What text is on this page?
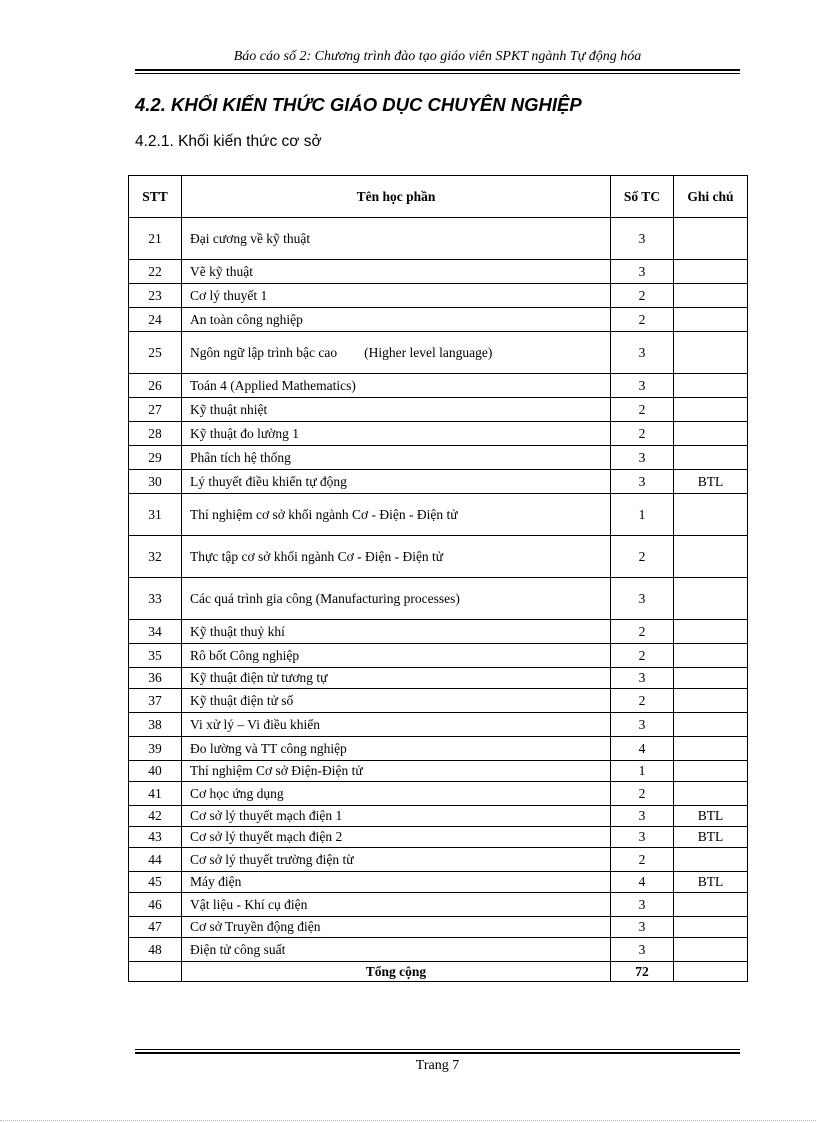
Báo cáo số 2: Chương trình đào tạo giáo viên SPKT ngành Tự động hóa
4.2. KHỐI KIẾN THỨC GIÁO DỤC CHUYÊN NGHIỆP
4.2.1. Khối kiến thức cơ sở
STT	Tên học phần	Số TC	Ghi chú
21	Đại cương về kỹ thuật	3	
22	Vẽ kỹ thuật	3	
23	Cơ lý thuyết 1	2	
24	An toàn công nghiệp	2	
25	Ngôn ngữ lập trình bậc cao        (Higher level language)	3	
26	Toán 4 (Applied Mathematics)	3	
27	Kỹ thuật nhiệt	2	
28	Kỹ thuật đo lường 1	2	
29	Phân tích hệ thống	3	
30	Lý thuyết điều khiển tự động	3	BTL
31	Thí nghiệm cơ sở khối ngành Cơ - Điện - Điện tử	1	
32	Thực tập cơ sở khối ngành Cơ - Điện - Điện tử	2	
33	Các quá trình gia công (Manufacturing processes)	3	
34	Kỹ thuật thuỷ khí	2	
35	Rô bốt Công nghiệp	2	
36	Kỹ thuật điện tử tương tự	3	
37	Kỹ thuật điện tử số	2	
38	Vi xử lý – Vi điều khiển	3	
39	Đo lường và TT công nghiệp	4	
40	Thí nghiệm Cơ sở Điện-Điện tử	1	
41	Cơ học ứng dụng	2	
42	Cơ sở lý thuyết mạch điện 1	3	BTL
43	Cơ sở lý thuyết mạch điện 2	3	BTL
44	Cơ sở lý thuyết trường điện từ	2	
45	Máy điện	4	BTL
46	Vật liệu - Khí cụ điện	3	
47	Cơ sở Truyền động điện	3	
48	Điện tử công suất	3	
	Tổng cộng	72	
Trang 7
